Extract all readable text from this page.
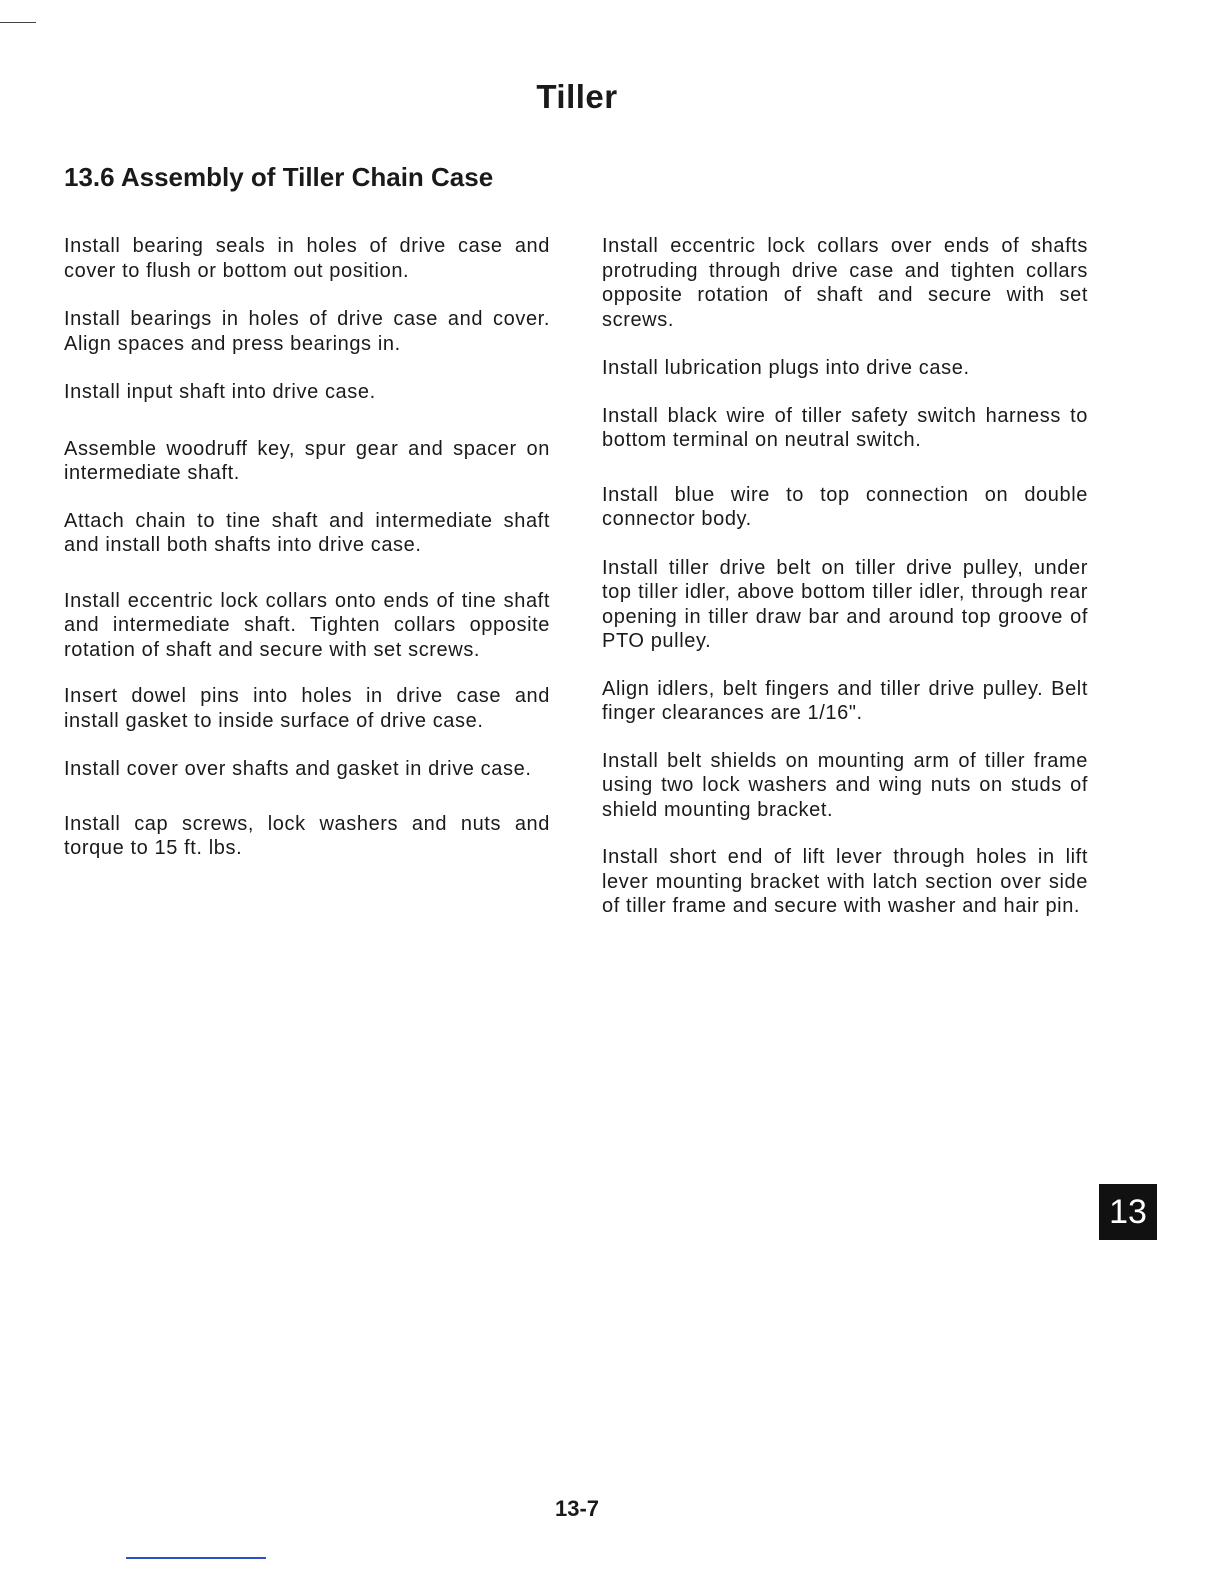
Tiller
13.6 Assembly of Tiller Chain Case

Install bearing seals in holes of drive case and cover to flush or bottom out position.

Install bearings in holes of drive case and cover. Align spaces and press bearings in.

Install input shaft into drive case.

Assemble woodruff key, spur gear and spacer on intermediate shaft.

Attach chain to tine shaft and intermediate shaft and install both shafts into drive case.

Install eccentric lock collars onto ends of tine shaft and intermediate shaft. Tighten collars opposite rotation of shaft and secure with set screws.

Insert dowel pins into holes in drive case and install gasket to inside surface of drive case.

Install cover over shafts and gasket in drive case.

Install cap screws, lock washers and nuts and torque to 15 ft. lbs.

Install eccentric lock collars over ends of shafts protruding through drive case and tighten collars opposite rotation of shaft and secure with set screws.

Install lubrication plugs into drive case.

Install black wire of tiller safety switch harness to bottom terminal on neutral switch.

Install blue wire to top connection on double connector body.

Install tiller drive belt on tiller drive pulley, under top tiller idler, above bottom tiller idler, through rear opening in tiller draw bar and around top groove of PTO pulley.

Align idlers, belt fingers and tiller drive pulley. Belt finger clearances are 1/16".

Install belt shields on mounting arm of tiller frame using two lock washers and wing nuts on studs of shield mounting bracket.

Install short end of lift lever through holes in lift lever mounting bracket with latch section over side of tiller frame and secure with washer and hair pin.

13
13-7
